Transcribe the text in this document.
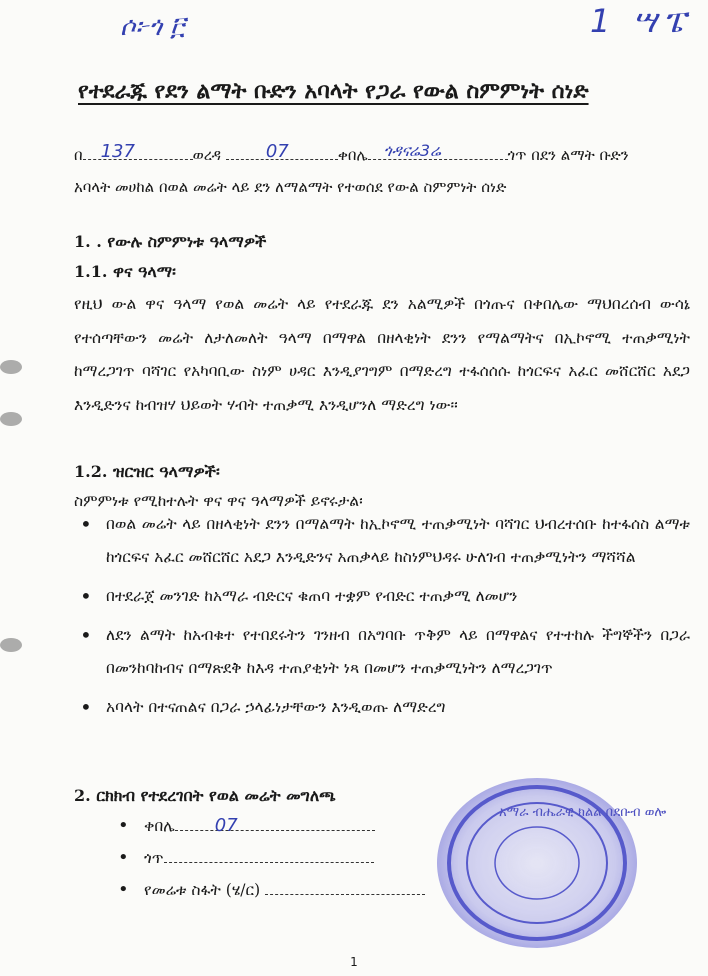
ሶ፦ጎ ፫	1 ሣፔ
የተደራጁ የደን ልማት ቡድን አባላት የጋራ የውል ስምምነት ሰነድ
በ 137	ወረዳ 07	ቀበሌ ጎዳናሬ3ሬ	ጎጥ በደን ልማት ቡድን
አባላት መሀከል በወል መሬት ላይ ደን ለማልማት የተወሰደ የውል ስምምነት ሰነድ
1. . የውሉ ስምምነቱ ዓላማዎች
1.1. ዋና ዓላማ፡
የዚህ ውል ዋና ዓላማ የወል መሬት ላይ የተደራጁ ደን አልሚዎች በጎጡና በቀበሌው ማህበረሰብ ውሳኔ የተሰጣቸውን መሬት ለታለመለት ዓላማ በማዋል በዘላቂነት ደንን የማልማትና በኢኮኖሚ ተጠቃሚነት ከማረጋገጥ ባሻገር የአካባቢው ስነም ሀዳር እንዲያገግም በማድረግ ተፋሰሰሱ ከጎርፍና አፈር መሸርሸር አደጋ እንዲድንና ከብዝሃ ህይወት ሃብት ተጠቃሚ እንዲሆንለ ማድረግ ነው፡፡
1.2. ዝርዝር ዓላማዎች፡
ስምምነቱ የሚከተሉት ዋና ዋና ዓላማዎች ይኖሩታል፡
• በወል መሬት ላይ በዘላቂነት ደንን በማልማት ከኢኮኖሚ ተጠቃሚነት ባሻገር ህብረተሰቡ ከተፋሰስ ልማቱ ከጎርፍና አፈር መሸርሸር አደጋ እንዲድንና አጠቃላይ ከስነምህዳሩ ሁለገብ ተጠቃሚነትን ማሻሻል
• በተደራጀ መንገድ ከአማራ ብድርና ቁጠባ ተቋም የብድር ተጠቃሚ ለመሆን
• ለደን ልማት ከአብቁተ የተበደሩትን ገንዘብ በአግባቡ ጥቅም ላይ በማዋልና የተተከሉ ችግኞችን በጋራ በመንከባከብና በማጽደቅ ከእዳ ተጠያቂነት ነጻ በመሆን ተጠቃሚነትን ለማረጋገጥ
• አባላት በተናጠልና በጋራ ኃላፊነታቸውን እንዲወጡ ለማድረግ
2. ርክክብ የተደረገበት የወል መሬት መግለጫ
• ቀበሌ 07
• ጎጥ
• የመሬቱ ስፋት (ሄ/ር)
አማራ ብሔራዊ ክልል በደቡብ ወሎ
1
